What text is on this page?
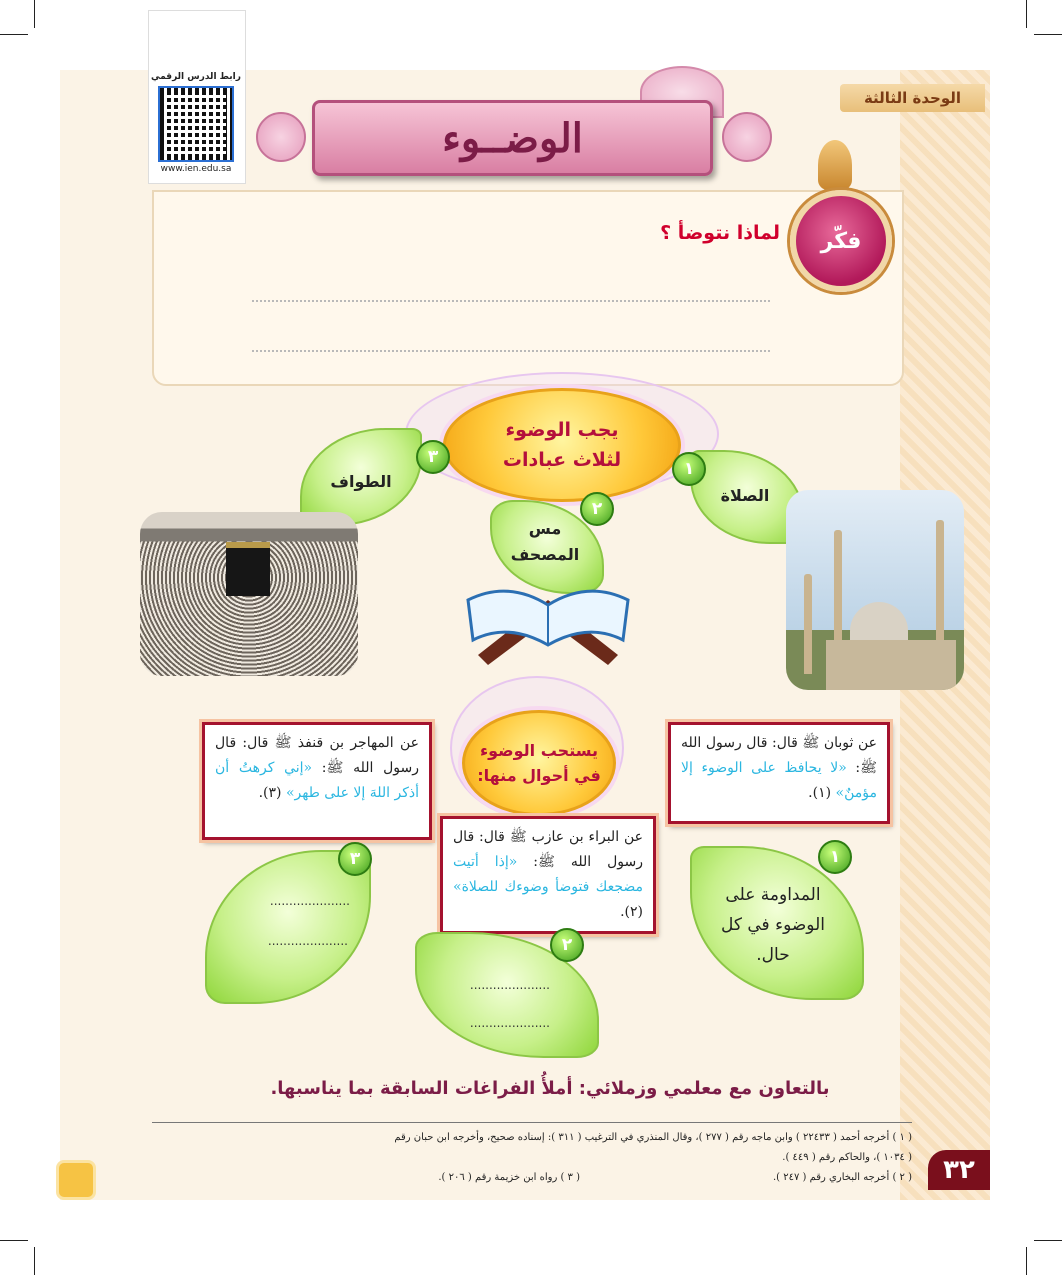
رابط الدرس الرقمي
www.ien.edu.sa
الوحدة الثالثة
الوضــوء
فكّر
لماذا نتوضأ ؟
يجب الوضوء
لثلاث عبادات
الصلاة
١
الطواف
٣
مس المصحف
٢
يستحب الوضوء
في أحوال منها:
عن ثوبان ﷺ قال: قال رسول الله ﷺ: «لا يحافظ على الوضوء إلا مؤمنٌ» (١).
عن المهاجر بن قنفذ ﷺ قال: قال رسول الله ﷺ: «إني كرهتُ أن أذكر اللهَ إلا على طهر» (٣).
عن البراء بن عازب ﷺ قال: قال رسول الله ﷺ: «إذا أتيت مضجعك فتوضأ وضوءك للصلاة» (٢).
١
المداومة على الوضوء في كل حال.
٢
.....................
.....................
٣
.....................
.....................
بالتعاون مع معلمي وزملائي: أملأُ الفراغات السابقة بما يناسبها.
( ١ ) أخرجه أحمد ( ٢٢٤٣٣ ) وابن ماجه رقم ( ٢٧٧ )، وقال المنذري في الترغيب ( ٣١١ ): إسناده صحيح، وأخرجه ابن حبان رقم
( ١٠٣٤ )، والحاكم رقم ( ٤٤٩ ).
( ٢ ) أخرجه البخاري رقم ( ٢٤٧ ).
( ٣ ) رواه ابن خزيمة رقم ( ٢٠٦ ).	٣٢
